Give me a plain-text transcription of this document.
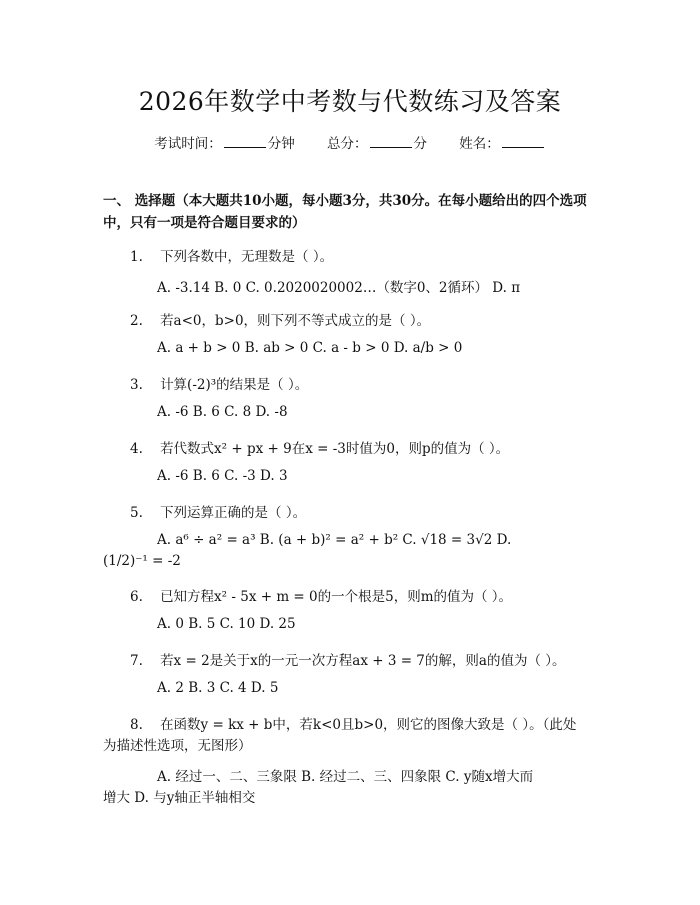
2026年数学中考数与代数练习及答案
考试时间：	分钟 总分：	分 姓名：
一、 选择题（本大题共10小题，每小题3分，共30分。在每小题给出的四个选项中，只有一项是符合题目要求的）
1. 下列各数中，无理数是（ ）。
A. -3.14 B. 0 C. 0.2020020002…（数字0、2循环） D. π
2. 若a<0，b>0，则下列不等式成立的是（ ）。
A. a + b > 0 B. ab > 0 C. a - b > 0 D. a/b > 0
3. 计算(-2)³的结果是（ ）。
A. -6 B. 6 C. 8 D. -8
4. 若代数式x² + px + 9在x = -3时值为0，则p的值为（ ）。
A. -6 B. 6 C. -3 D. 3
5. 下列运算正确的是（ ）。
A. a⁶ ÷ a² = a³ B. (a + b)² = a² + b² C. √18 = 3√2 D.
(1/2)⁻¹ = -2
6. 已知方程x² - 5x + m = 0的一个根是5，则m的值为（ ）。
A. 0 B. 5 C. 10 D. 25
7. 若x = 2是关于x的一元一次方程ax + 3 = 7的解，则a的值为（ ）。
A. 2 B. 3 C. 4 D. 5
8. 在函数y = kx + b中，若k<0且b>0，则它的图像大致是（ ）。（此处
为描述性选项，无图形）
A. 经过一、二、三象限 B. 经过二、三、四象限 C. y随x增大而
增大 D. 与y轴正半轴相交
